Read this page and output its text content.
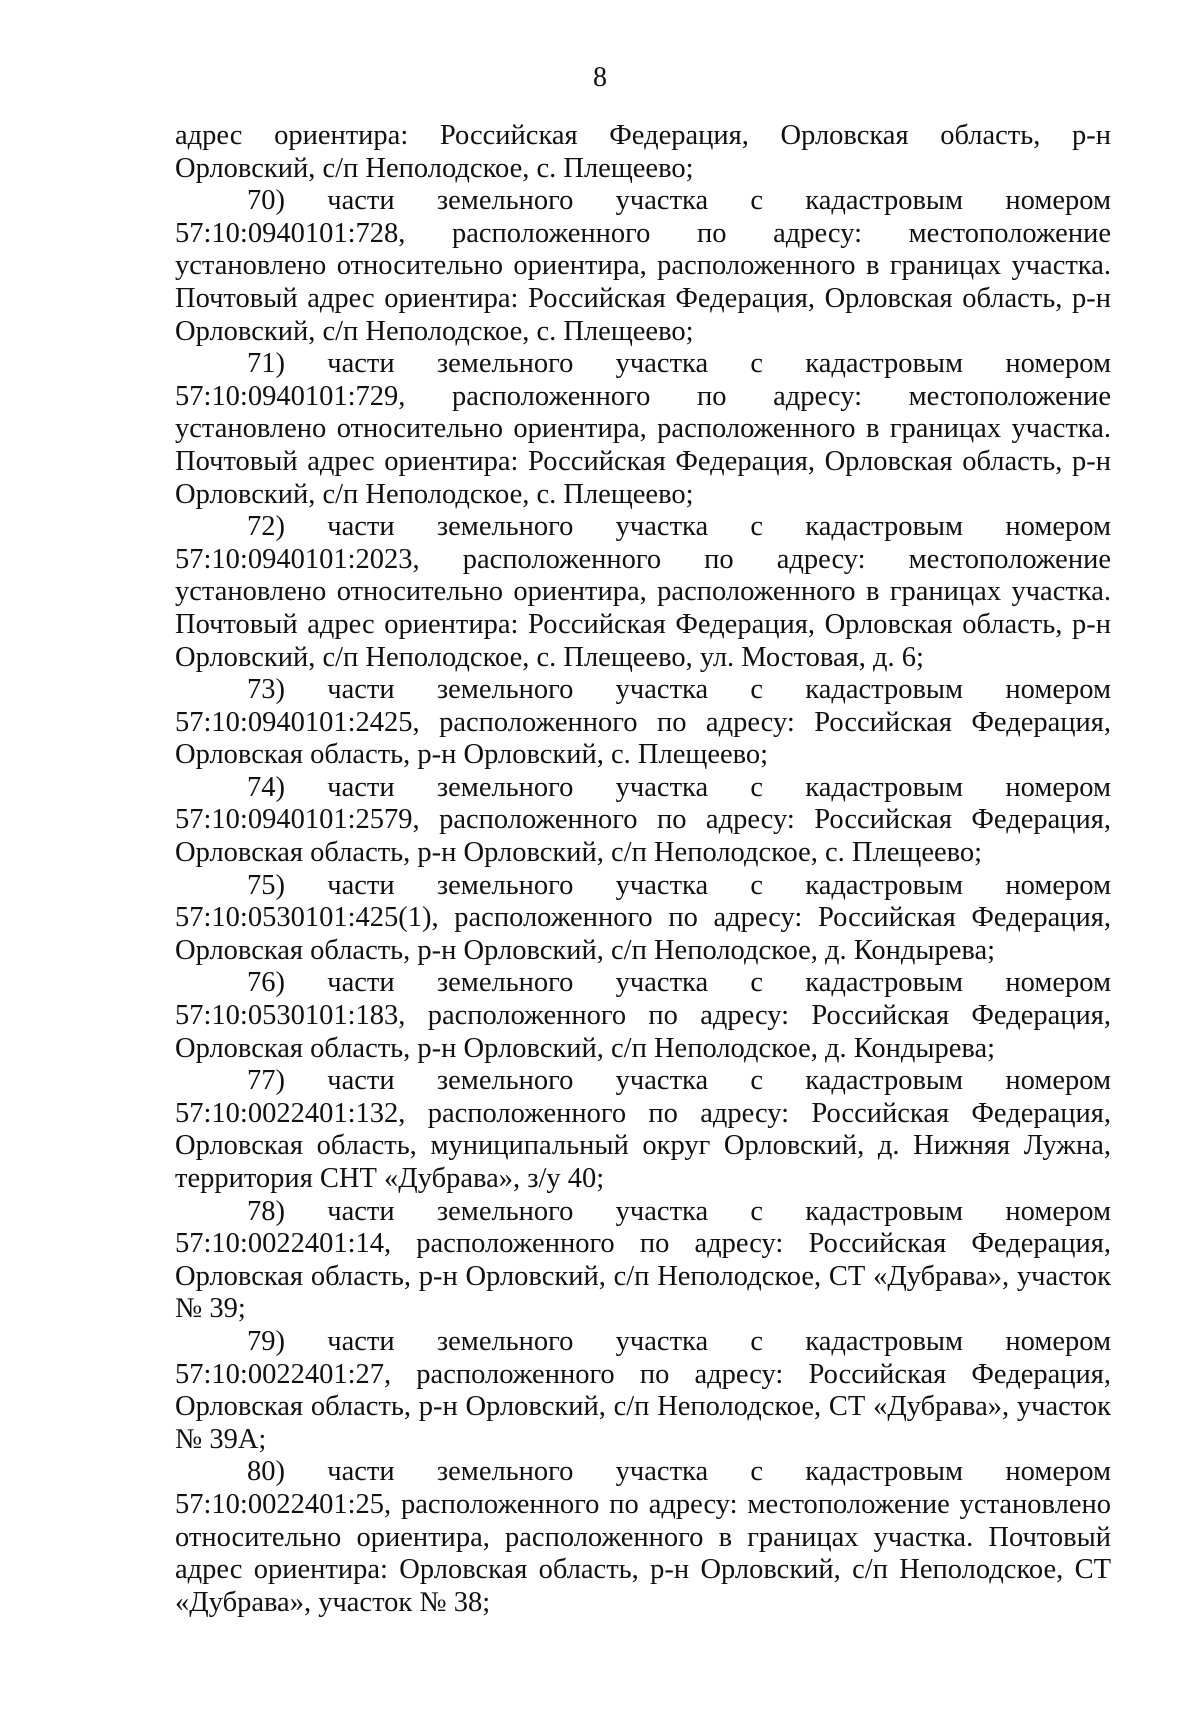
8

адрес ориентира: Российская Федерация, Орловская область, р-н Орловский, с/п Неполодское, с. Плещеево;

70) части земельного участка с кадастровым номером 57:10:0940101:728, расположенного по адресу: местоположение установлено относительно ориентира, расположенного в границах участка. Почтовый адрес ориентира: Российская Федерация, Орловская область, р-н Орловский, с/п Неполодское, с. Плещеево;

71) части земельного участка с кадастровым номером 57:10:0940101:729, расположенного по адресу: местоположение установлено относительно ориентира, расположенного в границах участка. Почтовый адрес ориентира: Российская Федерация, Орловская область, р-н Орловский, с/п Неполодское, с. Плещеево;

72) части земельного участка с кадастровым номером 57:10:0940101:2023, расположенного по адресу: местоположение установлено относительно ориентира, расположенного в границах участка. Почтовый адрес ориентира: Российская Федерация, Орловская область, р-н Орловский, с/п Неполодское, с. Плещеево, ул. Мостовая, д. 6;

73) части земельного участка с кадастровым номером 57:10:0940101:2425, расположенного по адресу: Российская Федерация, Орловская область, р-н Орловский, с. Плещеево;

74) части земельного участка с кадастровым номером 57:10:0940101:2579, расположенного по адресу: Российская Федерация, Орловская область, р-н Орловский, с/п Неполодское, с. Плещеево;

75) части земельного участка с кадастровым номером 57:10:0530101:425(1), расположенного по адресу: Российская Федерация, Орловская область, р-н Орловский, с/п Неполодское, д. Кондырева;

76) части земельного участка с кадастровым номером 57:10:0530101:183, расположенного по адресу: Российская Федерация, Орловская область, р-н Орловский, с/п Неполодское, д. Кондырева;

77) части земельного участка с кадастровым номером 57:10:0022401:132, расположенного по адресу: Российская Федерация, Орловская область, муниципальный округ Орловский, д. Нижняя Лужна, территория СНТ «Дубрава», з/у 40;

78) части земельного участка с кадастровым номером 57:10:0022401:14, расположенного по адресу: Российская Федерация, Орловская область, р-н Орловский, с/п Неполодское, СТ «Дубрава», участок № 39;

79) части земельного участка с кадастровым номером 57:10:0022401:27, расположенного по адресу: Российская Федерация, Орловская область, р-н Орловский, с/п Неполодское, СТ «Дубрава», участок № 39А;

80) части земельного участка с кадастровым номером 57:10:0022401:25, расположенного по адресу: местоположение установлено относительно ориентира, расположенного в границах участка. Почтовый адрес ориентира: Орловская область, р-н Орловский, с/п Неполодское, СТ «Дубрава», участок № 38;
